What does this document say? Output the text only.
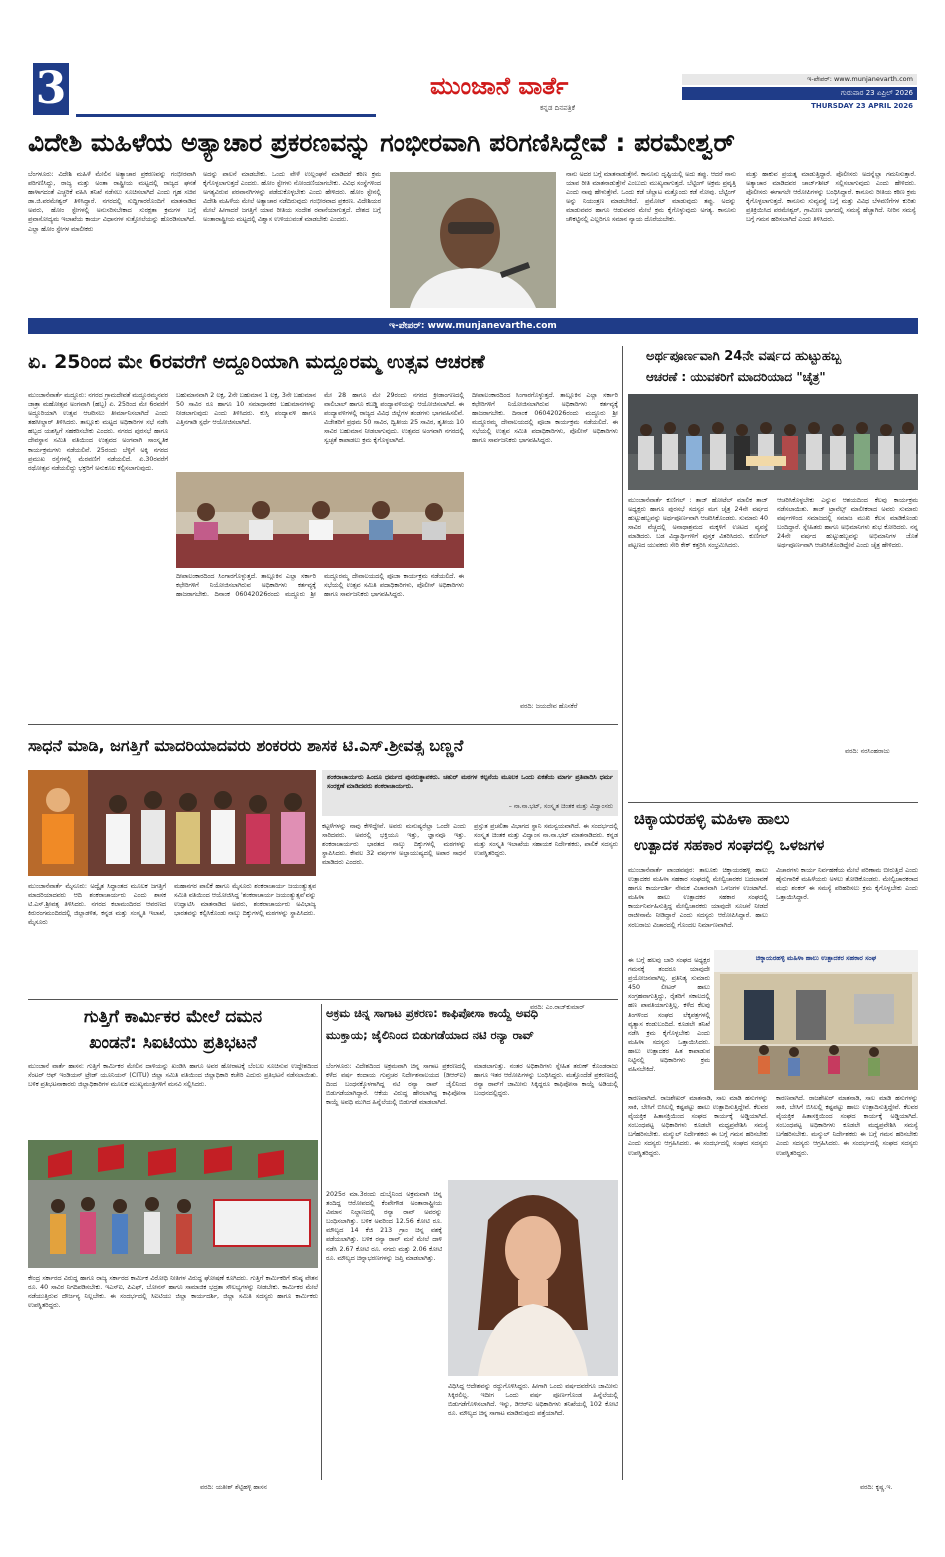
3	ಮುಂಜಾನೆ ವಾರ್ತೆ
ಕನ್ನಡ ದಿನಪತ್ರಿಕೆ
ಇ-ಪೇಪರ್: www.munjanevarth.com
ಗುರುವಾರ 23 ಏಪ್ರಿಲ್ 2026
THURSDAY 23 APRIL 2026
ವಿದೇಶಿ ಮಹಿಳೆಯ ಅತ್ಯಾಚಾರ ಪ್ರಕರಣವನ್ನು ಗಂಭೀರವಾಗಿ ಪರಿಗಣಿಸಿದ್ದೇವೆ : ಪರಮೇಶ್ವರ್
ಬೆಂಗಳೂರು: ವಿದೇಶಿ ಮಹಿಳೆ ಮೇಲಿನ ಅತ್ಯಾಚಾರ ಪ್ರಕರಣವನ್ನು ಗಂಭೀರವಾಗಿ ಪರಿಗಣಿಸಿದ್ದು, ರಾಜ್ಯ ಮತ್ತು ಅಂತಾ ರಾಷ್ಟ್ರೀಯ ಮಟ್ಟದಲ್ಲಿ ರಾಜ್ಯದ ಘನತೆ ಹಾಳಾಗದಂತೆ ಎಚ್ಚರಿಕೆ ವಹಿಸಿ ತನಿಖೆ ನಡೆಸಲು ಸೂಚಿಸಲಾಗಿದೆ ಎಂದು ಗೃಹ ಸಚಿವ ಡಾ.ಜಿ.ಪರಮೇಶ್ವರ್ ತಿಳಿಸಿದ್ದಾರೆ. ನಗರದಲ್ಲಿ ಸುದ್ದಿಗಾರರೊಂದಿಗೆ ಮಾತನಾಡಿದ ಅವರು, ಹೋಂ ಸ್ಟೇಗಳಲ್ಲಿ ಅನುಸರಿಸಬೇಕಾದ ಸುರಕ್ಷತಾ ಕ್ರಮಗಳ ಬಗ್ಗೆ ಪ್ರವಾಸೋದ್ಯಮ ಇಲಾಖೆಯ ಕಾರ್ಯ ವಿಧಾನಗಳ ಸುತ್ತೋಲೆಯನ್ನು ಹೊರಡಿಸಲಾಗಿದೆ. ಎಲ್ಲಾ ಹೋಂ ಸ್ಟೇಗಳ ಮಾಲೀಕರು
ಅದನ್ನು ಪಾಲನೆ ಮಾಡಬೇಕು. ಒಂದು ವೇಳೆ ಉಲ್ಲಂಘನೆ ಮಾಡಿದರೆ ಕಠಿಣ ಕ್ರಮ ಕೈಗೊಳ್ಳಲಾಗುತ್ತದೆ ಎಂದರು. ಹೋಂ ಸ್ಟೇಗಳು ನೋಂದಣಿಯಾಗಬೇಕು. ವಿವಿಧ ಸಂಸ್ಥೆಗಳಿಂದ ಅಗತ್ಯವಿರುವ ಪರವಾನಗಿಗಳನ್ನು ಪಡೆದುಕೊಳ್ಳಬೇಕು ಎಂದು ಹೇಳಿದರು. ಹೋಂ ಸ್ಟೇನಲ್ಲಿ ವಿದೇಶಿ ಮಹಿಳೆಯ ಮೇಲೆ ಅತ್ಯಾಚಾರ ನಡೆದಿರುವುದು ಗಂಭೀರವಾದ ಪ್ರಕರಣ. ವಿದೇಶಿಯರ ಮೇಲೆ ಹೀಗಾದರೆ ಜಗತ್ತಿಗೆ ಯಾವ ರೀತಿಯ ಸಂದೇಶ ರವಾನೆಯಾಗುತ್ತದೆ. ದೇಶದ ಬಗ್ಗೆ ಅಂತಾರಾಷ್ಟ್ರೀಯ ಮಟ್ಟದಲ್ಲಿ ವಿಶ್ವಾಸ ಉಳಿಯುವಂತೆ ಮಾಡಬೇಕು ಎಂದರು.
ನಾನು ಅದರ ಬಗ್ಗೆ ಮಾತನಾಡುತ್ತೇನೆ. ಕಾನೂನು ದೃಷ್ಟಿಯಲ್ಲಿ ಅದು ತಪ್ಪು. ಆದರೆ ನಾನು ಯಾವ ರೀತಿ ಮಾತನಾಡುತ್ತೇನೆ ಎಂಬುದು ಮುಖ್ಯವಾಗುತ್ತದೆ. ಬೆಟ್ಟಿಂಗ್ ಅಕ್ರಮ ಪ್ರವೃತ್ತಿ ಎಂದು ನಾವು ಹೇಳುತ್ತೇವೆ. ಒಂದು ಕಡೆ ಚೆಲ್ಲಾಟ ಮತ್ತೊಂದು ಕಡೆ ನೋವು. ಬೆಟ್ಟಿಂಗ್ ಅನ್ನು ನಿಯಂತ್ರಣ ಮಾಡಬೇಕಿದೆ. ಪ್ರಮೋಟ್ ಮಾಡುವುದು ತಪ್ಪು. ಅದನ್ನು ಮಾಡುವವರ ಹಾಗೂ ಆಡುವವರ ಮೇಲೆ ಕ್ರಮ ಕೈಗೊಳ್ಳುವುದು ಅಗತ್ಯ. ಕಾನೂನು ಚೌಕಟ್ಟಿನಲ್ಲಿ ಎಲ್ಲರಿಗೂ ಸಮಾನ ನ್ಯಾಯ ದೊರೆಯಬೇಕು.
ಮತ್ತು ಹಾಕುವ ಪ್ರಯತ್ನ ಮಾಡುತ್ತಿದ್ದಾರೆ. ಪೊಲೀಸರು ಅದನ್ನೆಲ್ಲಾ ಗಮನಿಸುತ್ತಾರೆ. ಅತ್ಯಾಚಾರ ಮಾಡಿದವರ ಚಾರ್ಜ್‌ಶೀಟ್ ಸಲ್ಲಿಸಲಾಗುವುದು ಎಂದು ಹೇಳಿದರು. ಪೊಲೀಸರು ಈಗಾಗಲೇ ಆರೋಪಿಗಳನ್ನು ಬಂಧಿಸಿದ್ದಾರೆ. ಕಾನೂನು ರೀತಿಯ ಕಠಿಣ ಕ್ರಮ ಕೈಗೊಳ್ಳಲಾಗುತ್ತದೆ. ಕಾನೂನು ಸುವ್ಯವಸ್ಥೆ ಬಗ್ಗೆ ಮತ್ತು ವಿವಿಧ ಬೆಳವಣಿಗೆಗಳ ಕುರಿತು ಪ್ರತಿಕ್ರಿಯಿಸಿದ ಪರಮೇಶ್ವರ್, ಗ್ರಾಮೀಣ ಭಾಗದಲ್ಲಿ ಸಮಸ್ಯೆ ಹೆಚ್ಚಾಗಿದೆ. ನೀರಿನ ಸಮಸ್ಯೆ ಬಗ್ಗೆ ಗಮನ ಹರಿಸಲಾಗಿದೆ ಎಂದು ತಿಳಿಸಿದರು.
ಇ-ಪೇಪರ್: www.munjanevarthe.com
ಏ. 25ರಿಂದ ಮೇ 6ರವರೆಗೆ ಅದ್ದೂರಿಯಾಗಿ ಮದ್ದೂರಮ್ಮ ಉತ್ಸವ ಆಚರಣೆ
ಮುಂಜಾನೆವಾರ್ತೆ ಮದ್ದೂರು: ನಗರದ ಗ್ರಾಮದೇವತೆ ಮದ್ದೂರಮ್ಮನವರ ಜಾತ್ರಾ ಮಹೋತ್ಸವ ಅಂಗವಾಗಿ (ಹಬ್ಬ) ಏ. 25ರಿಂದ ಮೇ 6ರವರೆಗೆ ಅದ್ದೂರಿಯಾಗಿ ಉತ್ಸವ ಆಚರಿಸಲು ತೀರ್ಮಾನಿಸಲಾಗಿದೆ ಎಂದು ತಹಸೀಲ್ದಾರ್ ತಿಳಿಸಿದರು. ತಾಲ್ಲೂಕು ಮಟ್ಟದ ಅಧಿಕಾರಿಗಳ ಸಭೆ ನಡೆಸಿ ಹಬ್ಬದ ಯಶಸ್ವಿಗೆ ಸಹಕರಿಸಬೇಕು ಎಂದರು. ನಗರದ ಪುರಸಭೆ ಹಾಗೂ ದೇವಸ್ಥಾನ ಸಮಿತಿ ವತಿಯಿಂದ ಉತ್ಸವದ ಅಂಗವಾಗಿ ಸಾಂಸ್ಕೃತಿಕ ಕಾರ್ಯಕ್ರಮಗಳು ನಡೆಯಲಿವೆ. 25ರಂದು ಬೆಳ್ಳಿಗೆ ಅಕ್ಕಿ ನಗರದ ಪ್ರಮುಖ ರಸ್ತೆಗಳಲ್ಲಿ ಮೆರವಣಿಗೆ ನಡೆಯಲಿದೆ. ಏ.30ರವರೆಗೆ ರಥೋತ್ಸವ ನಡೆಯಲಿದ್ದು ಭಕ್ತರಿಗೆ ಅನುಕೂಲ ಕಲ್ಪಿಸಲಾಗುವುದು.
ಬಹುಮಾನವಾಗಿ 2 ಲಕ್ಷ, 2ನೇ ಬಹುಮಾನ 1 ಲಕ್ಷ, 3ನೇ ಬಹುಮಾನ 50 ಸಾವಿರ ರೂ ಹಾಗೂ 10 ಸಮಾಧಾನಕರ ಬಹುಮಾನಗಳನ್ನು ನೀಡಲಾಗುವುದು ಎಂದು ತಿಳಿಸಿದರು. ಕುಸ್ತಿ ಪಂದ್ಯಾವಳಿ ಹಾಗೂ ಎತ್ತಿನಗಾಡಿ ಸ್ಪರ್ಧೆ ಆಯೋಜಿಸಲಾಗಿದೆ.
ಮೇ 28 ಹಾಗೂ ಮೇ 29ರಂದು ನಗರದ ಕ್ರೀಡಾಂಗಣದಲ್ಲಿ ವಾಲಿಬಾಲ್ ಹಾಗೂ ಕಬಡ್ಡಿ ಪಂದ್ಯಾವಳಿಯನ್ನು ಆಯೋಜಿಸಲಾಗಿದೆ. ಈ ಪಂದ್ಯಾವಳಿಗಳಲ್ಲಿ ರಾಜ್ಯದ ವಿವಿಧ ಜಿಲ್ಲೆಗಳ ತಂಡಗಳು ಭಾಗವಹಿಸಲಿವೆ. ವಿಜೇತರಿಗೆ ಪ್ರಥಮ 50 ಸಾವಿರ, ದ್ವಿತೀಯ 25 ಸಾವಿರ, ತೃತೀಯ 10 ಸಾವಿರ ಬಹುಮಾನ ನೀಡಲಾಗುವುದು. ಉತ್ಸವದ ಅಂಗವಾಗಿ ನಗರದಲ್ಲಿ ಸ್ವಚ್ಛತೆ ಕಾಪಾಡಲು ಕ್ರಮ ಕೈಗೊಳ್ಳಲಾಗಿದೆ.
ದೀಪಾಲಂಕಾರದಿಂದ ಸಿಂಗಾರಗೊಳ್ಳುತ್ತದೆ. ತಾಲ್ಲೂಕಿನ ಎಲ್ಲಾ ಸರ್ಕಾರಿ ಕಛೇರಿಗಳಿಗೆ ನಿಯೋಜಿಸಲಾಗಿರುವ ಅಧಿಕಾರಿಗಳು ಕರ್ತವ್ಯಕ್ಕೆ ಹಾಜರಾಗಬೇಕು. ದಿನಾಂಕ 06042026ರಂದು ಮದ್ದೂರು ಶ್ರೀ ಮದ್ದೂರಮ್ಮ ದೇವಾಲಯದಲ್ಲಿ ಪೂಜಾ ಕಾರ್ಯಕ್ರಮ ನಡೆಯಲಿದೆ. ಈ ಸಭೆಯಲ್ಲಿ ಉತ್ಸವ ಸಮಿತಿ ಪದಾಧಿಕಾರಿಗಳು, ಪೊಲೀಸ್ ಅಧಿಕಾರಿಗಳು ಹಾಗೂ ಸಾರ್ವಜನಿಕರು ಭಾಗವಹಿಸಿದ್ದರು.
ದೀಪಾಲಂಕಾರದಿಂದ ಸಿಂಗಾರಗೊಳ್ಳುತ್ತದೆ. ತಾಲ್ಲೂಕಿನ ಎಲ್ಲಾ ಸರ್ಕಾರಿ ಕಛೇರಿಗಳಿಗೆ ನಿಯೋಜಿಸಲಾಗಿರುವ ಅಧಿಕಾರಿಗಳು ಕರ್ತವ್ಯಕ್ಕೆ ಹಾಜರಾಗಬೇಕು. ದಿನಾಂಕ 06042026ರಂದು ಮದ್ದೂರು ಶ್ರೀ ಮದ್ದೂರಮ್ಮ ದೇವಾಲಯದಲ್ಲಿ ಪೂಜಾ ಕಾರ್ಯಕ್ರಮ ನಡೆಯಲಿದೆ. ಈ ಸಭೆಯಲ್ಲಿ ಉತ್ಸವ ಸಮಿತಿ ಪದಾಧಿಕಾರಿಗಳು, ಪೊಲೀಸ್ ಅಧಿಕಾರಿಗಳು ಹಾಗೂ ಸಾರ್ವಜನಿಕರು ಭಾಗವಹಿಸಿದ್ದರು.
ವರದಿ: ಜಯದೇವ ಹೊಸಕೆರೆ
ಅರ್ಥಪೂರ್ಣವಾಗಿ 24ನೇ ವರ್ಷದ ಹುಟ್ಟುಹಬ್ಬ
ಆಚರಣೆ : ಯುವಕರಿಗೆ ಮಾದರಿಯಾದ "ಚೈತ್ರ"
ಮುಂಜಾನೆವಾರ್ತೆ ಕುಣಿಗಲ್ : ತಾಜ್ ಹೋಟೆಲ್ ಮಾಲಿಕ ತಾಜ್ ಅಧ್ಯಕ್ಷರು ಹಾಗೂ ಪುರಸಭೆ ಸದಸ್ಯರ ಮಗ ಚೈತ್ರ 24ನೇ ವರ್ಷದ ಹುಟ್ಟುಹಬ್ಬವನ್ನು ಅರ್ಥಪೂರ್ಣವಾಗಿ ಆಚರಿಸಿಕೊಂಡರು. ಸುಮಾರು 40 ಸಾವಿರ ವೆಚ್ಚದಲ್ಲಿ ಅನಾಥಾಶ್ರಮದ ಮಕ್ಕಳಿಗೆ ಊಟದ ವ್ಯವಸ್ಥೆ ಮಾಡಿದರು. ಬಡ ವಿದ್ಯಾರ್ಥಿಗಳಿಗೆ ಪುಸ್ತಕ ವಿತರಿಸಿದರು. ಕುಣಿಗಲ್ ಪಟ್ಟಣದ ಯುವಕರು ಸೇರಿ ಕೇಕ್ ಕತ್ತರಿಸಿ ಸಂಭ್ರಮಿಸಿದರು.
ಆಚರಿಸಿಕೊಳ್ಳಬೇಕು ಎನ್ನುವ ಆಶಯದಿಂದ ಕೆಲವು ಕಾರ್ಯಕ್ರಮ ನಡೆಸಲಾಯಿತು. ತಾಜ್ ಟ್ರಾವೆಲ್ಸ್ ಮಾಲೀಕರಾದ ಅವರು ಸುಮಾರು ವರ್ಷಗಳಿಂದ ಸಮಾಜದಲ್ಲಿ ಸಮಾಜ ಮುಖಿ ಕೆಲಸ ಮಾಡಿಕೊಂಡು ಬಂದಿದ್ದಾರೆ. ಸ್ನೇಹಿತರು ಹಾಗೂ ಅಭಿಮಾನಿಗಳು ಶುಭ ಕೋರಿದರು. ನನ್ನ 24ನೇ ವರ್ಷದ ಹುಟ್ಟುಹಬ್ಬವನ್ನು ಅಭಿಮಾನಿಗಳ ಜೊತೆ ಅರ್ಥಪೂರ್ಣವಾಗಿ ಆಚರಿಸಿಕೊಂಡಿದ್ದೇನೆ ಎಂದು ಚೈತ್ರ ಹೇಳಿದರು.
ವರದಿ: ನರಸಿಂಹರಾಜು
ಸಾಧನೆ ಮಾಡಿ, ಜಗತ್ತಿಗೆ ಮಾದರಿಯಾದವರು ಶಂಕರರು ಶಾಸಕ ಟಿ.ಎಸ್.ಶ್ರೀವತ್ಸ ಬಣ್ಣನೆ
ಶಂಕರಾಚಾರ್ಯರು ಹಿಂದೂ ಧರ್ಮದ ಪುನರುತ್ಥಾಪಕರು. ಚತುರ್ ಮಠಗಳ ಕಲ್ಪನೆಯ ಮೂಲಕ ಒಂದು ಏಕತೆಯ ಮಾರ್ಗ ಪ್ರತಿಪಾದಿಸಿ ಧರ್ಮ ಸಂರಕ್ಷಣೆ ಮಾಡಿದವರು ಶಂಕರಾಚಾರ್ಯರು.
– ನಾ.ನಾ.ಭಟ್, ಸಂಸ್ಕೃತ ಚಿಂತಕ ಮತ್ತು ವಿದ್ವಾಂಸರು
ಕಟ್ಟಳೆಗಳನ್ನು ನಾವು ಕೇಳಿದ್ದೇವೆ. ಅವರು ಮನುಷ್ಯರೆಲ್ಲಾ ಒಂದೇ ಎಂದು ಸಾರಿದವರು. ಅವರಲ್ಲಿ ಭಕ್ತಿಯೂ ಇತ್ತು, ಜ್ಞಾನವೂ ಇತ್ತು. ಶಂಕರಾಚಾರ್ಯರು ಭಾರತದ ನಾಲ್ಕು ದಿಕ್ಕುಗಳಲ್ಲಿ ಮಠಗಳನ್ನು ಸ್ಥಾಪಿಸಿದರು. ಕೇವಲ 32 ವರ್ಷಗಳ ಅಲ್ಪಾಯುಷ್ಯದಲ್ಲಿ ಅಪಾರ ಸಾಧನೆ ಮಾಡಿದರು ಎಂದರು.
ಪ್ರಸ್ತುತ ಪ್ರಚಲಿತಾ ವಿಭಾಗದ ಸ್ಥಾನಿ ಸಮನ್ವಯವಾಗಿದೆ. ಈ ಸಂದರ್ಭದಲ್ಲಿ ಸಂಸ್ಕೃತ ಚಿಂತಕ ಮತ್ತು ವಿದ್ವಾಂಸ ನಾ.ನಾ.ಭಟ್ ಮಾತನಾಡಿದರು. ಕನ್ನಡ ಮತ್ತು ಸಂಸ್ಕೃತಿ ಇಲಾಖೆಯ ಸಹಾಯಕ ನಿರ್ದೇಶಕರು, ಪಾಲಿಕೆ ಸದಸ್ಯರು ಉಪಸ್ಥಿತರಿದ್ದರು.
ವರದಿ: ಎಂ.ರಾಜ್‌ಕುಮಾರ್
ಮುಂಜಾನೆವಾರ್ತೆ ಮೈಸೂರು: ಅದ್ವೈತ ಸಿದ್ಧಾಂತದ ಮೂಲಕ ಜಗತ್ತಿಗೆ ಮಾದರಿಯಾದವರು ಆದಿ ಶಂಕರಾಚಾರ್ಯರು ಎಂದು ಶಾಸಕ ಟಿ.ಎಸ್.ಶ್ರೀವತ್ಸ ತಿಳಿಸಿದರು. ನಗರದ ಕಲಾಮಂದಿರದ ಆವರಣದ ಕಿರುರಂಗಮಂದಿರದಲ್ಲಿ ಜಿಲ್ಲಾಡಳಿತ, ಕನ್ನಡ ಮತ್ತು ಸಂಸ್ಕೃತಿ ಇಲಾಖೆ, ಮೈಸೂರು
ಮಹಾನಗರ ಪಾಲಿಕೆ ಹಾಗೂ ಮೈಸೂರು ಶಂಕರಾಚಾರ್ಯ ಜಯಂತ್ಯುತ್ಸವ ಸಮಿತಿ ವತಿಯಿಂದ ಆಯೋಜಿಸಿದ್ದ 'ಶಂಕರಾಚಾರ್ಯ ಜಯಂತ್ಯುತ್ಸವ'ವನ್ನು ಉದ್ಘಾಟಿಸಿ ಮಾತನಾಡಿದ ಅವರು, ಶಂಕರಾಚಾರ್ಯರು ಅವಿಭಾಜ್ಯ ಭಾರತವನ್ನು ಕಲ್ಪಿಸಿಕೊಂಡು ನಾಲ್ಕು ದಿಕ್ಕುಗಳಲ್ಲಿ ಮಠಗಳನ್ನು ಸ್ಥಾಪಿಸಿದರು.
ಚಿಕ್ಕಾಯರಹಳ್ಳಿ ಮಹಿಳಾ ಹಾಲು
ಉತ್ಪಾದಕ ಸಹಕಾರ ಸಂಘದಲ್ಲಿ ಒಳಜಗಳ
ಮುಂಜಾನೆವಾರ್ತೆ ಪಾಂಡವಪುರ: ತಾಲೂಕು ಚಿಕ್ಕಾಯರಹಳ್ಳಿ ಹಾಲು ಉತ್ಪಾದಕರ ಮಹಿಳಾ ಸಹಕಾರ ಸಂಘದಲ್ಲಿ ಮೇಲ್ವಿಚಾರಕರ ಬದಲಾವಣೆ ಹಾಗೂ ಕಾರ್ಯದರ್ಶಿ ನೇಮಕ ವಿಚಾರವಾಗಿ ಒಳಜಗಳ ಉಂಟಾಗಿದೆ. ಮಹಿಳಾ ಹಾಲು ಉತ್ಪಾದಕರ ಸಹಕಾರ ಸಂಘದಲ್ಲಿ ಕಾರ್ಯನಿರ್ವಹಿಸುತ್ತಿದ್ದ ಮೇಲ್ವಿಚಾರಕರು ಯಾವುದೇ ಸೂಚನೆ ನೀಡದೆ ರಾಜೀನಾಮೆ ನೀಡಿದ್ದಾರೆ ಎಂದು ಸದಸ್ಯರು ಆರೋಪಿಸಿದ್ದಾರೆ. ಹಾಲು ಸರಬರಾಜು ವಿಚಾರದಲ್ಲಿ ಗೊಂದಲ ನಿರ್ಮಾಣವಾಗಿದೆ.
ವಿಚಾರಗಳು ಕಾರ್ಯ ನಿರ್ವಹಣೆಯ ಮೇಲೆ ಪರಿಣಾಮ ಬೀರುತ್ತಿದೆ ಎಂದು ಹೈನುಗಾರಿಕೆ ಮಹಿಳೆಯರು ಅಳಲು ತೋಡಿಕೊಂಡರು. ಮೇಲ್ವಿಚಾರಕರಾದ ಮಧು ಶಂಕರ್ ಈ ಸಮಸ್ಯೆ ಪರಿಹರಿಸಲು ಕ್ರಮ ಕೈಗೊಳ್ಳಬೇಕು ಎಂದು ಒತ್ತಾಯಿಸಿದ್ದಾರೆ.
ಈ ಬಗ್ಗೆ ಹಲವು ಬಾರಿ ಸಂಘದ ಅಧ್ಯಕ್ಷರ ಗಮನಕ್ಕೆ ತಂದರೂ ಯಾವುದೇ ಪ್ರಯೋಜನವಾಗಿಲ್ಲ. ಪ್ರತಿನಿತ್ಯ ಸುಮಾರು 450 ಲೀಟರ್ ಹಾಲು ಸಂಗ್ರಹವಾಗುತ್ತಿದ್ದು, ರೈತರಿಗೆ ಸಕಾಲದಲ್ಲಿ ಹಣ ಪಾವತಿಯಾಗುತ್ತಿಲ್ಲ. ಕಳೆದ ಕೆಲವು ತಿಂಗಳಿಂದ ಸಂಘದ ಲೆಕ್ಕಪತ್ರಗಳಲ್ಲಿ ವ್ಯತ್ಯಾಸ ಕಂಡುಬಂದಿದೆ. ಕೂಡಲೇ ತನಿಖೆ ನಡೆಸಿ ಕ್ರಮ ಕೈಗೊಳ್ಳಬೇಕು ಎಂದು ಮಹಿಳಾ ಸದಸ್ಯರು ಒತ್ತಾಯಿಸಿದರು. ಹಾಲು ಉತ್ಪಾದಕರ ಹಿತ ಕಾಪಾಡುವ ನಿಟ್ಟಿನಲ್ಲಿ ಅಧಿಕಾರಿಗಳು ಕ್ರಮ ವಹಿಸಬೇಕಿದೆ.
ಚಿಕ್ಕಾಯರಹಳ್ಳಿ ಮಹಿಳಾ ಹಾಲು ಉತ್ಪಾದಕರ ಸಹಕಾರ ಸಂಘ
ಕಾರಣವಾಗಿದೆ. ರಾಜಶೇಖರ್ ಮಾತನಾಡಿ, ಸಾಲ ಮಾಡಿ ಹಸುಗಳನ್ನು ಸಾಕಿ, ಬೇಸಿಗೆ ಬಿಸಿಲಲ್ಲಿ ಕಷ್ಟಪಟ್ಟು ಹಾಲು ಉತ್ಪಾದಿಸುತ್ತಿದ್ದೇವೆ. ಕೆಲವರ ವೈಯಕ್ತಿಕ ಹಿತಾಸಕ್ತಿಯಿಂದ ಸಂಘದ ಕಾರ್ಯಕ್ಕೆ ಅಡ್ಡಿಯಾಗಿದೆ. ಸಂಬಂಧಪಟ್ಟ ಅಧಿಕಾರಿಗಳು ಕೂಡಲೇ ಮಧ್ಯಪ್ರವೇಶಿಸಿ ಸಮಸ್ಯೆ ಬಗೆಹರಿಸಬೇಕು. ಮನ್ಮುಲ್ ನಿರ್ದೇಶಕರು ಈ ಬಗ್ಗೆ ಗಮನ ಹರಿಸಬೇಕು ಎಂದು ಸದಸ್ಯರು ಆಗ್ರಹಿಸಿದರು. ಈ ಸಂದರ್ಭದಲ್ಲಿ ಸಂಘದ ಸದಸ್ಯರು ಉಪಸ್ಥಿತರಿದ್ದರು.
ಕಾರಣವಾಗಿದೆ. ರಾಜಶೇಖರ್ ಮಾತನಾಡಿ, ಸಾಲ ಮಾಡಿ ಹಸುಗಳನ್ನು ಸಾಕಿ, ಬೇಸಿಗೆ ಬಿಸಿಲಲ್ಲಿ ಕಷ್ಟಪಟ್ಟು ಹಾಲು ಉತ್ಪಾದಿಸುತ್ತಿದ್ದೇವೆ. ಕೆಲವರ ವೈಯಕ್ತಿಕ ಹಿತಾಸಕ್ತಿಯಿಂದ ಸಂಘದ ಕಾರ್ಯಕ್ಕೆ ಅಡ್ಡಿಯಾಗಿದೆ. ಸಂಬಂಧಪಟ್ಟ ಅಧಿಕಾರಿಗಳು ಕೂಡಲೇ ಮಧ್ಯಪ್ರವೇಶಿಸಿ ಸಮಸ್ಯೆ ಬಗೆಹರಿಸಬೇಕು. ಮನ್ಮುಲ್ ನಿರ್ದೇಶಕರು ಈ ಬಗ್ಗೆ ಗಮನ ಹರಿಸಬೇಕು ಎಂದು ಸದಸ್ಯರು ಆಗ್ರಹಿಸಿದರು. ಈ ಸಂದರ್ಭದಲ್ಲಿ ಸಂಘದ ಸದಸ್ಯರು ಉಪಸ್ಥಿತರಿದ್ದರು.
ವರದಿ: ಕೃಷ್ಣ.ಇ.
ಗುತ್ತಿಗೆ ಕಾರ್ಮಿಕರ ಮೇಲೆ ದಮನ
ಖಂಡನೆ: ಸಿಐಟಿಯು ಪ್ರತಿಭಟನೆ
ಮುಂಜಾನೆ ವಾರ್ತೆ ಹಾಸನ: ಗುತ್ತಿಗೆ ಕಾರ್ಮಿಕರ ಮೇಲಿನ ದಾಳಿಯನ್ನು ಖಂಡಿಸಿ ಹಾಗೂ ಅವರ ಹೋರಾಟಕ್ಕೆ ಬೆಂಬಲ ಸೂಚಿಸುವ ಉದ್ದೇಶದಿಂದ ಸೆಂಟರ್ ಆಫ್ ಇಂಡಿಯನ್ ಟ್ರೇಡ್ ಯೂನಿಯನ್ (CITU) ಜಿಲ್ಲಾ ಸಮಿತಿ ವತಿಯಿಂದ ಜಿಲ್ಲಾಧಿಕಾರಿ ಕಚೇರಿ ಎದುರು ಪ್ರತಿಭಟನೆ ನಡೆಸಲಾಯಿತು. ಬಳಿಕ ಪ್ರತಿಭಟನಾಕಾರರು ಜಿಲ್ಲಾಧಿಕಾರಿಗಳ ಮೂಲಕ ಮುಖ್ಯಮಂತ್ರಿಗಳಿಗೆ ಮನವಿ ಸಲ್ಲಿಸಿದರು.
ಕೇಂದ್ರ ಸರ್ಕಾರದ ವಿರುದ್ಧ ಹಾಗೂ ರಾಜ್ಯ ಸರ್ಕಾರದ ಕಾರ್ಮಿಕ ವಿರೋಧಿ ನೀತಿಗಳ ವಿರುದ್ಧ ಘೋಷಣೆ ಕೂಗಿದರು. ಗುತ್ತಿಗೆ ಕಾರ್ಮಿಕರಿಗೆ ಕನಿಷ್ಠ ವೇತನ ರೂ. 40 ಸಾವಿರ ನಿಗದಿಪಡಿಸಬೇಕು. ಇಎಸ್ಐ, ಪಿಎಫ್, ಬೋನಸ್ ಹಾಗೂ ಸಾಮಾಜಿಕ ಭದ್ರತಾ ಸೌಲಭ್ಯಗಳನ್ನು ನೀಡಬೇಕು. ಕಾರ್ಮಿಕರ ಮೇಲೆ ನಡೆಯುತ್ತಿರುವ ದೌರ್ಜನ್ಯ ನಿಲ್ಲಬೇಕು. ಈ ಸಂದರ್ಭದಲ್ಲಿ ಸಿಐಟಿಯು ಜಿಲ್ಲಾ ಕಾರ್ಯದರ್ಶಿ, ಜಿಲ್ಲಾ ಸಮಿತಿ ಸದಸ್ಯರು ಹಾಗೂ ಕಾರ್ಮಿಕರು ಉಪಸ್ಥಿತರಿದ್ದರು.
ವರದಿ: ಯತೀಶ್ ಶೆಟ್ಟಿಹಳ್ಳಿ ಹಾಸನ
ಅಕ್ರಮ ಚಿನ್ನ ಸಾಗಾಟ ಪ್ರಕರಣ: ಕಾಫಿಪೋಸಾ ಕಾಯ್ದೆ ಅವಧಿ
ಮುಕ್ತಾಯ; ಜೈಲಿನಿಂದ ಬಿಡುಗಡೆಯಾದ ನಟಿ ರನ್ಯಾ ರಾವ್
ಬೆಂಗಳೂರು: ವಿದೇಶದಿಂದ ಅಕ್ರಮವಾಗಿ ಚಿನ್ನ ಸಾಗಾಟ ಪ್ರಕರಣದಲ್ಲಿ ಕಳೆದ ವರ್ಷ ಕಂದಾಯ ಗುಪ್ತಚರ ನಿರ್ದೇಶನಾಲಯದ (ಡಿಆರ್‌ಐ) ದಿಂದ ಬಂಧನಕ್ಕೊಳಗಾಗಿದ್ದ ನಟಿ ರನ್ಯಾ ರಾವ್ ಜೈಲಿನಿಂದ ಬಿಡುಗಡೆಯಾಗಿದ್ದಾರೆ. ಆಕೆಯ ವಿರುದ್ಧ ಹೇರಲಾಗಿದ್ದ ಕಾಫಿಪೋಸಾ ಕಾಯ್ದೆ ಅವಧಿ ಮುಗಿದ ಹಿನ್ನೆಲೆಯಲ್ಲಿ ಬಿಡುಗಡೆ ಮಾಡಲಾಗಿದೆ.
ಮಾಡಲಾಗುತ್ತು. ನಂತರ ಅಧಿಕಾರಿಗಳು ಸ್ನೇಹಿತ ತರುಣ್ ಕೊಂಡರಾಜು ಹಾಗೂ ಇತರ ಆರೋಪಿಗಳನ್ನು ಬಂಧಿಸಿದ್ದರು. ಮತ್ತೊಂದೆಡೆ ಪ್ರಕರಣದಲ್ಲಿ ರನ್ಯಾ ರಾವ್‌ಗೆ ಜಾಮೀನು ಸಿಕ್ಕಿದ್ದರೂ ಕಾಫಿಪೋಸಾ ಕಾಯ್ದೆ ಅಡಿಯಲ್ಲಿ ಬಂಧನದಲ್ಲಿದ್ದರು.
2025ರ ಮಾ.3ರಂದು ದುಬೈನಿಂದ ಅಕ್ರಮವಾಗಿ ಚಿನ್ನ ತಂದಿದ್ದ ಆರೋಪದಲ್ಲಿ ಕೆಂಪೇಗೌಡ ಅಂತಾರಾಷ್ಟ್ರೀಯ ವಿಮಾನ ನಿಲ್ದಾಣದಲ್ಲಿ ರನ್ಯಾ ರಾವ್ ಅವರನ್ನು ಬಂಧಿಸಲಾಗಿತ್ತು. ಬಳಿಕ ಅವರಿಂದ 12.56 ಕೋಟಿ ರೂ. ಮೌಲ್ಯದ 14 ಕೆಜಿ 213 ಗ್ರಾಂ ಚಿನ್ನ ವಶಕ್ಕೆ ಪಡೆಯಲಾಗಿತ್ತು. ಬಳಿಕ ರನ್ಯಾ ರಾವ್ ಮನೆ ಮೇಲೆ ದಾಳಿ ನಡೆಸಿ 2.67 ಕೋಟಿ ರೂ. ನಗದು ಮತ್ತು 2.06 ಕೋಟಿ ರೂ. ಮೌಲ್ಯದ ಚಿನ್ನಾಭರಣಗಳನ್ನು ಜಪ್ತಿ ಮಾಡಲಾಗಿತ್ತು.
ವಿಧಿಸಿದ್ದ ಆದೇಶವನ್ನು ರದ್ದುಗೊಳಿಸಿದ್ದರು. ಹೀಗಾಗಿ ಒಂದು ವರ್ಷದವರೆಗೂ ಜಾಮೀನು ಸಿಕ್ಕಿರಲಿಲ್ಲ. ಇದೀಗ ಒಂದು ವರ್ಷ ಪೂರ್ಣಗೊಂಡ ಹಿನ್ನೆಲೆಯಲ್ಲಿ ಬಿಡುಗಡೆಗೊಳಿಸಲಾಗಿದೆ. ಇನ್ನು, ಡಿಆರ್‌ಐ ಅಧಿಕಾರಿಗಳು ತನಿಖೆಯಲ್ಲಿ 102 ಕೋಟಿ ರೂ. ಮೌಲ್ಯದ ಚಿನ್ನ ಸಾಗಾಟ ಮಾಡಿರುವುದು ಪತ್ತೆಯಾಗಿದೆ.
